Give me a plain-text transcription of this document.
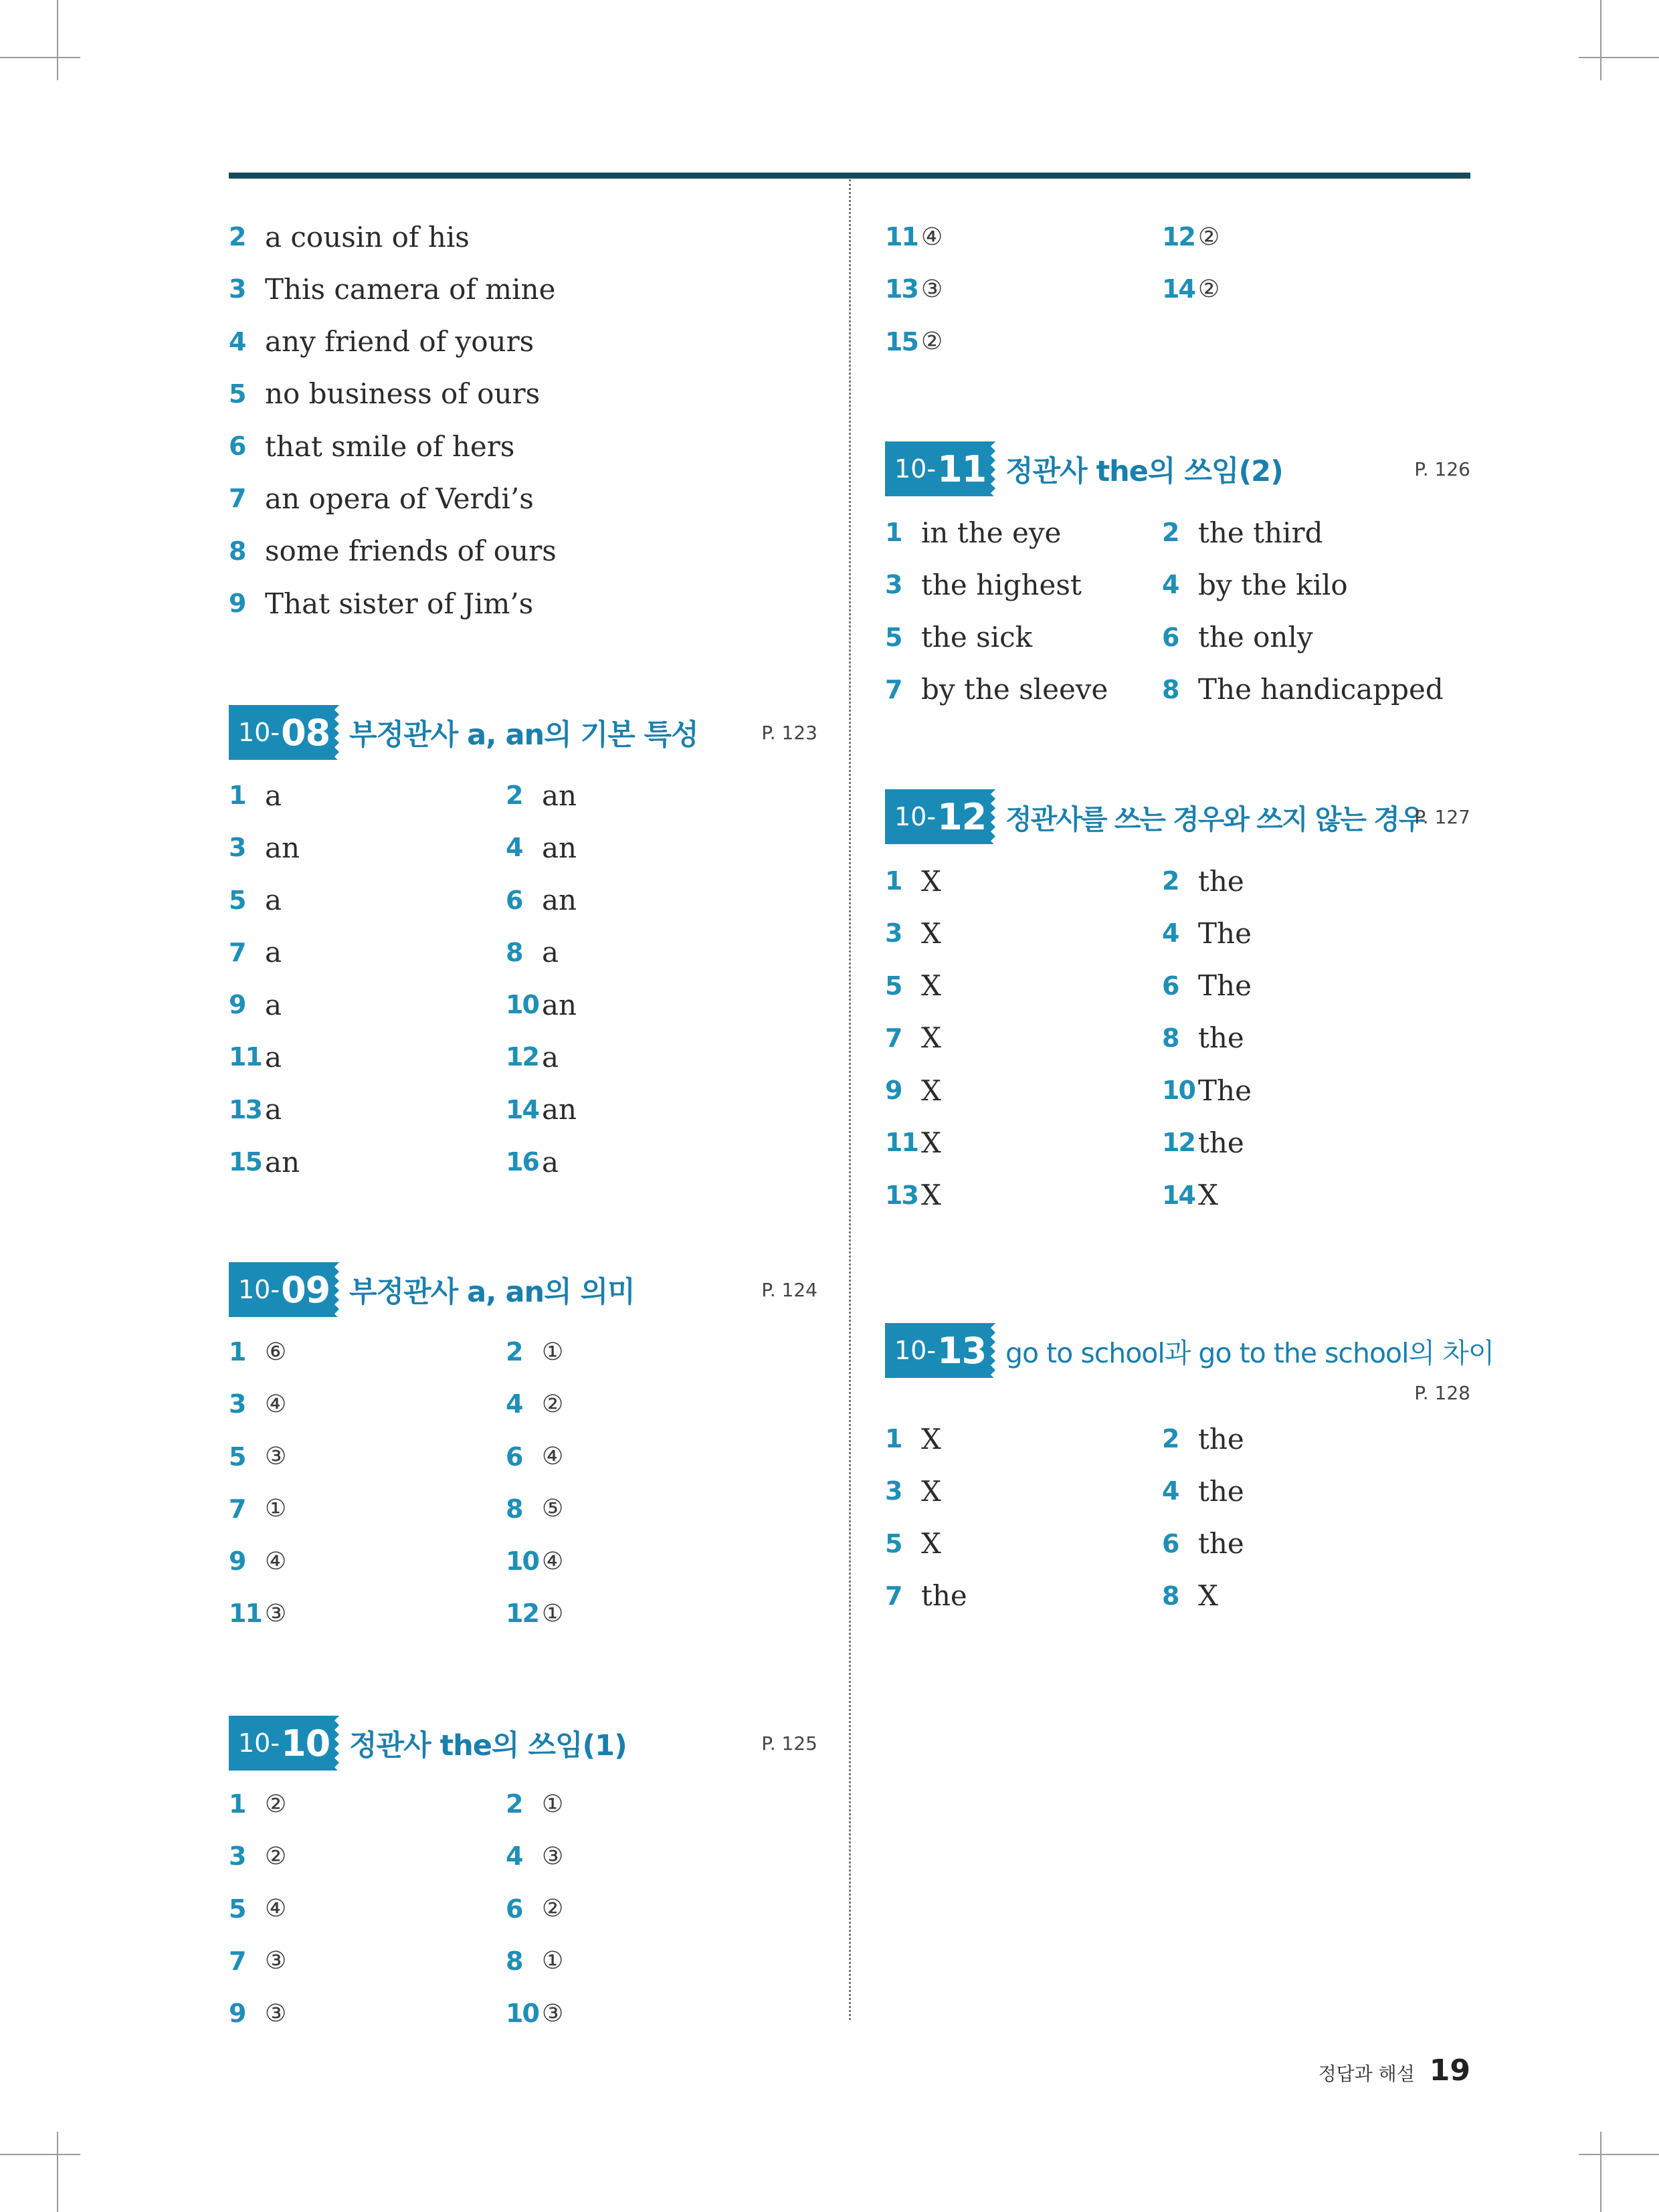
2 a cousin of his
3 This camera of mine
4 any friend of yours
5 no business of ours
6 that smile of hers
7 an opera of Verdi’s
8 some friends of ours
9 That sister of Jim’s
10- 08 부정관사 a, an의 기본 특성	P. 123
1 a	2 an
3 an	4 an
5 a	6 an
7 a	8 a
9 a	10 an
11 a	12 a
13 a	14 an
15 an	16 a
10- 09 부정관사 a, an의 의미	P. 124
1 ⑥	2 ①
3 ④	4 ②
5 ③	6 ④
7 ①	8 ⑤
9 ④	10 ④
11 ③	12 ①
10- 10 정관사 the의 쓰임(1)	P. 125
1 ②	2 ①
3 ②	4 ③
5 ④	6 ②
7 ③	8 ①
9 ③	10 ③
11 ④	12 ②
13 ③	14 ②
15 ②
10- 11 정관사 the의 쓰임(2)	P. 126
1 in the eye	2 the third
3 the highest	4 by the kilo
5 the sick	6 the only
7 by the sleeve 8 The handicapped
10- 12 정관사를 쓰는 경우와 쓰지 않는 경우
P. 127
1 X	2 the
3 X	4 The
5 X	6 The
7 X	8 the
9 X	10 The
11 X	12 the
13 X	14 X
10- 13 go to school과 go to the school의 차이
P. 128
1 X	2 the
3 X	4 the
5 X	6 the
7 the	8 X
정답과 해설 19
